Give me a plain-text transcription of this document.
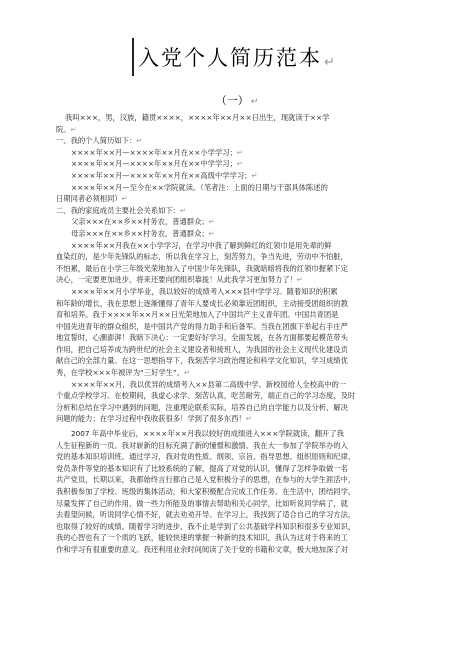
入党个人简历范本 ↵
（一） ↵
我叫×××，男，汉族，籍贯××××，××××年××月××日出生，现就读于××学
院。↵
一、我的个人简历如下：↵
××××年××月—××××年××月在××小学学习；↵
××××年××月—××××年××月在××中学学习；↵
××××年××月—××××年××月在××高级中学学习；↵
××××年××月—至今在××学院就读。（笔者注：上面的日期与干部具体陈述的
日期同者必须相同）↵
二、我的家庭成员主要社会关系如下：↵
父亲×××在××乡××村务农，普通群众；↵
母亲×××在××乡××村务农，普通群众；↵
××××年××月我在××小学学习，在学习中我了解到鲜红的红领巾是用先辈的鲜
血染红的，是少年先锋队的标志，所以我在学习上，刻苦努力，争当先进，劳动中不怕脏，
不怕累，最后在小学三年级光荣地加入了中国少年先锋队，我就暗暗将我的红领巾握紧下定
决心，一定要更加进步，将来还要向团组织靠拢！从此我学习更加努力了！↵
××××年××月小学毕业，我以较好的成绩考入×××县中学学习。随着知识的积累
和年龄的增长，我在思想上逐渐懂得了青年人要成长必须靠近团组织，主动接受团组织的教
育和培养。我于××××年××月××日光荣地加入了中国共产主义青年团。中国共青团是
中国先进青年的群众组织，是中国共产党的得力助手和后备军。当我在团旗下举起右手庄严
地宣誓时，心潮澎湃！我暗下决心：一定要好好学习，全面发展，在各方面都要起模范带头
作用，把自己培养成为跨世纪的社会主义建设者和接班人，为我国的社会主义现代化建设贡
献自己的全部力量。在这一思想指导下，我刻苦学习政治理论和科学文化知识，学习成绩优
秀，在学校×××年被评为“三好学生”。↵
××××年××月，我以优异的成绩考入××县第二高级中学。新校园给人全校高中的一
个重点学校学习。在校期间，我虚心求学、刻苦认真，吃苦耐劳，端正自己的学习态度，及时
分析和总结在学习中遇到的问题，注重理论联系实际，培养自己的自学能力以及分析、解决
问题的能力；在学习过程中我收获很多！学到了很多东西！↵
2007 年高中毕业后，××××年××月我以较好的成绩进入×××学院就读，翻开了我
人生征程新的一页。我对崭新的目标充满了新的憧憬和激情。我在大一参加了学院举办的入
党的基本知识培训班。通过学习，我对党的性质、纲领、宗旨、指导思想、组织原则和纪律、
党员条件等党的基本知识有了比较系统的了解，提高了对党的认识，懂得了怎样争取做一名
共产党员，长期以来，我都始终言行都自己是入党积极分子的思想，在参与的大学生涯活中，
我积极参加了学校、班级的集体活动，和大家积极配合完成工作任务。在生活中，团结同学，
尽量发挥了自己的作用，做一些力所能及的事情去帮助和关心同学，比如听说同学病了，就
去看望问候，听说同学心情不好，就去劝劝开导。在学习上，我找到了适合自己的学习方法，
也取得了较好的成绩。随着学习的进步，我不止是学到了公共基础学科知识和很多专业知识，
我的心智也有了一个质的飞跃，能较快速的掌握一种新的技术知识，我认为这对于将来的工
作和学习有很重要的意义。我还利用业余时间阅读了关于党的书籍和文章，极大地加深了对
